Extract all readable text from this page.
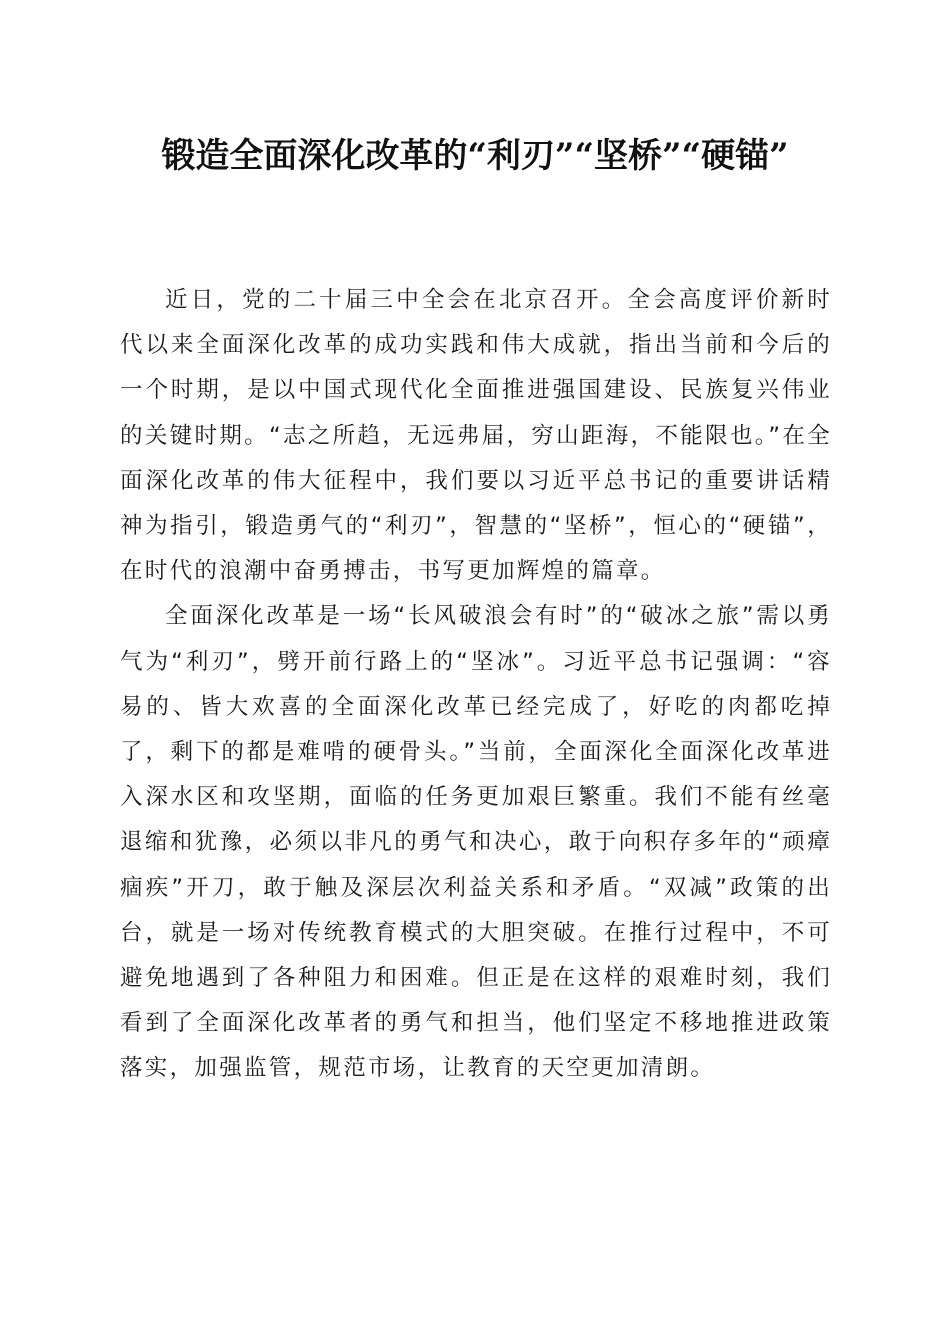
锻造全面深化改革的“利刃”“坚桥”“硬锚”

近日，党的二十届三中全会在北京召开。全会高度评价新时代以来全面深化改革的成功实践和伟大成就，指出当前和今后的一个时期，是以中国式现代化全面推进强国建设、民族复兴伟业的关键时期。“志之所趋，无远弗届，穷山距海，不能限也。”在全面深化改革的伟大征程中，我们要以习近平总书记的重要讲话精神为指引，锻造勇气的“利刃”，智慧的“坚桥”，恒心的“硬锚”，在时代的浪潮中奋勇搏击，书写更加辉煌的篇章。

全面深化改革是一场“长风破浪会有时”的“破冰之旅”需以勇气为“利刃”，劈开前行路上的“坚冰”。习近平总书记强调：“容易的、皆大欢喜的全面深化改革已经完成了，好吃的肉都吃掉了，剩下的都是难啃的硬骨头。”当前，全面深化全面深化改革进入深水区和攻坚期，面临的任务更加艰巨繁重。我们不能有丝毫退缩和犹豫，必须以非凡的勇气和决心，敢于向积存多年的“顽瘴痼疾”开刀，敢于触及深层次利益关系和矛盾。“双减”政策的出台，就是一场对传统教育模式的大胆突破。在推行过程中，不可避免地遇到了各种阻力和困难。但正是在这样的艰难时刻，我们看到了全面深化改革者的勇气和担当，他们坚定不移地推进政策落实，加强监管，规范市场，让教育的天空更加清朗。
